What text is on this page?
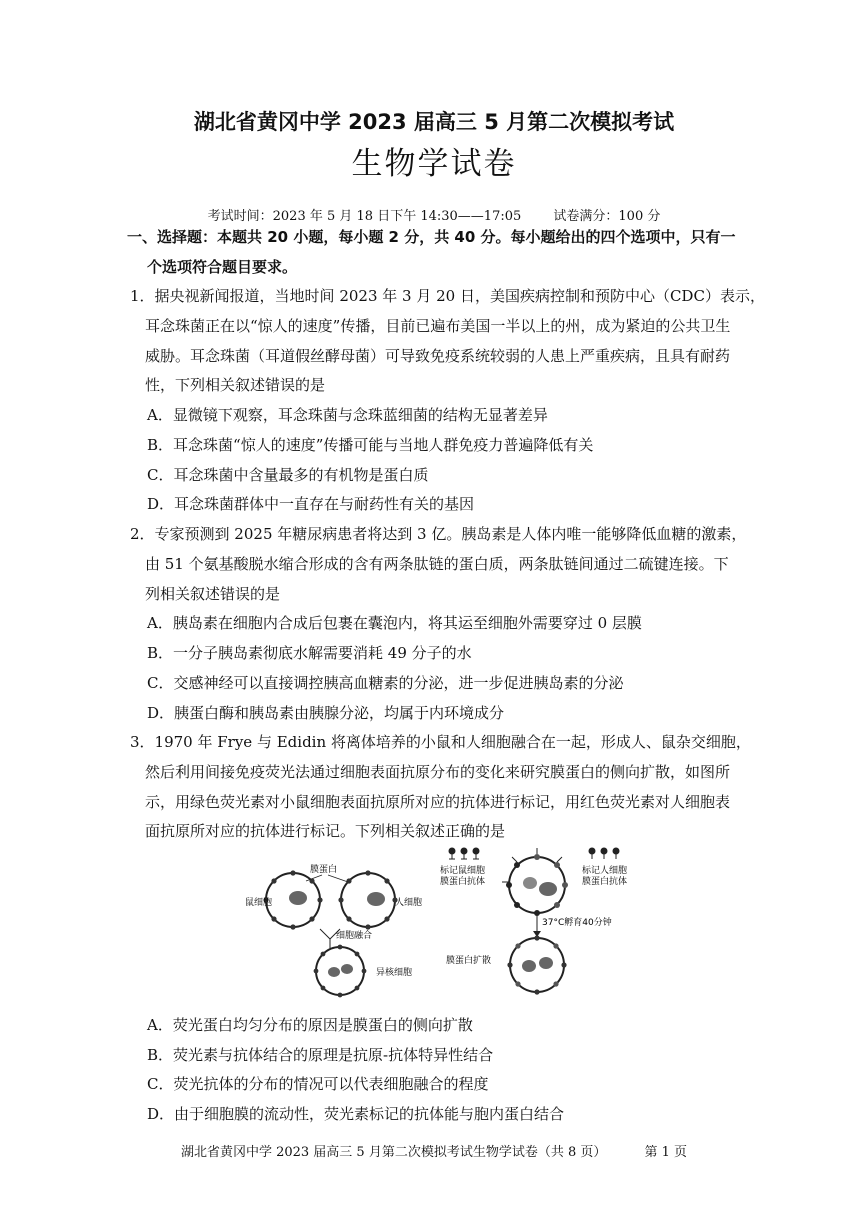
湖北省黄冈中学 2023 届高三 5 月第二次模拟考试
生物学试卷
考试时间：2023 年 5 月 18 日下午 14:30——17:05 试卷满分：100 分
一、选择题：本题共 20 小题，每小题 2 分，共 40 分。每小题给出的四个选项中，只有一
个选项符合题目要求。
1．据央视新闻报道，当地时间 2023 年 3 月 20 日，美国疾病控制和预防中心（CDC）表示，
耳念珠菌正在以“惊人的速度”传播，目前已遍布美国一半以上的州，成为紧迫的公共卫生
威胁。耳念珠菌（耳道假丝酵母菌）可导致免疫系统较弱的人患上严重疾病，且具有耐药
性，下列相关叙述错误的是
A．显微镜下观察，耳念珠菌与念珠蓝细菌的结构无显著差异
B．耳念珠菌“惊人的速度”传播可能与当地人群免疫力普遍降低有关
C．耳念珠菌中含量最多的有机物是蛋白质
D．耳念珠菌群体中一直存在与耐药性有关的基因
2．专家预测到 2025 年糖尿病患者将达到 3 亿。胰岛素是人体内唯一能够降低血糖的激素，
由 51 个氨基酸脱水缩合形成的含有两条肽链的蛋白质，两条肽链间通过二硫键连接。下
列相关叙述错误的是
A．胰岛素在细胞内合成后包裹在囊泡内，将其运至细胞外需要穿过 0 层膜
B．一分子胰岛素彻底水解需要消耗 49 分子的水
C．交感神经可以直接调控胰高血糖素的分泌，进一步促进胰岛素的分泌
D．胰蛋白酶和胰岛素由胰腺分泌，均属于内环境成分
3．1970 年 Frye 与 Edidin 将离体培养的小鼠和人细胞融合在一起，形成人、鼠杂交细胞，
然后利用间接免疫荧光法通过细胞表面抗原分布的变化来研究膜蛋白的侧向扩散，如图所
示，用绿色荧光素对小鼠细胞表面抗原所对应的抗体进行标记，用红色荧光素对人细胞表
面抗原所对应的抗体进行标记。下列相关叙述正确的是
膜蛋白
鼠细胞	人细胞
细胞融合
异核细胞
标记鼠细胞
膜蛋白抗体
标记人细胞
膜蛋白抗体
37°C孵育40分钟
膜蛋白扩散
A．荧光蛋白均匀分布的原因是膜蛋白的侧向扩散
B．荧光素与抗体结合的原理是抗原-抗体特异性结合
C．荧光抗体的分布的情况可以代表细胞融合的程度
D．由于细胞膜的流动性，荧光素标记的抗体能与胞内蛋白结合
湖北省黄冈中学 2023 届高三 5 月第二次模拟考试生物学试卷（共 8 页）	第 1 页
